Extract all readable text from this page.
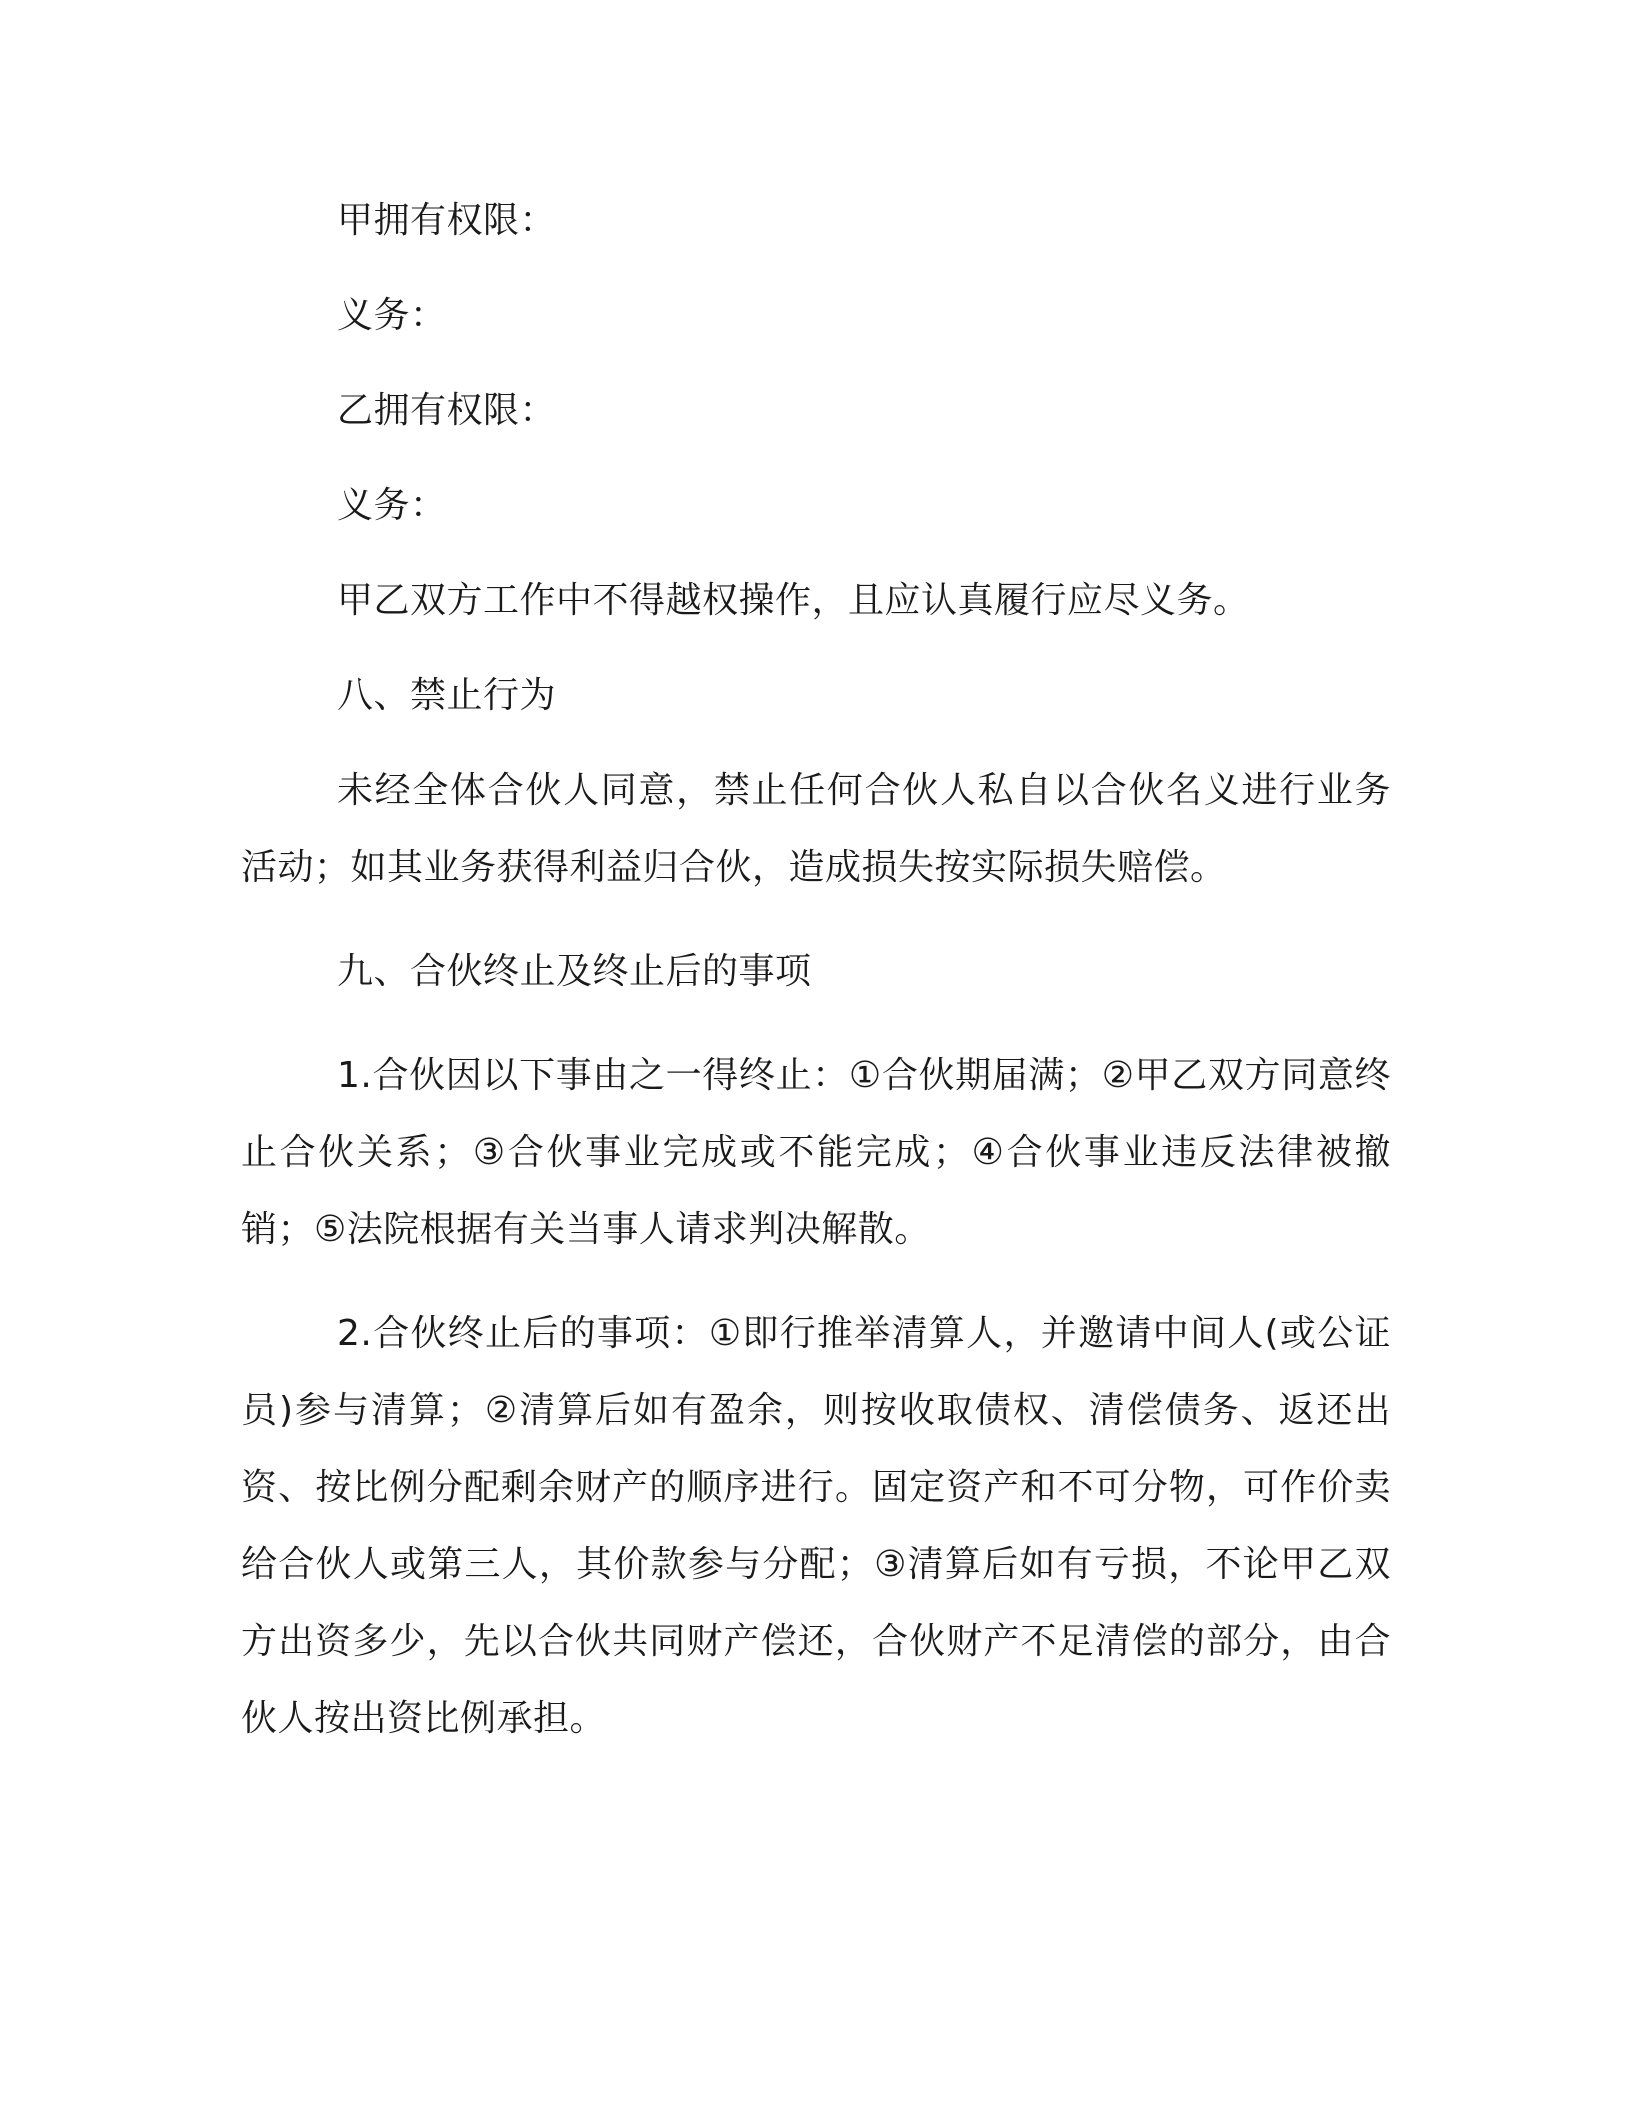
甲拥有权限：

义务：

乙拥有权限：

义务：

甲乙双方工作中不得越权操作，且应认真履行应尽义务。

八、禁止行为

未经全体合伙人同意，禁止任何合伙人私自以合伙名义进行业务活动；如其业务获得利益归合伙，造成损失按实际损失赔偿。

九、合伙终止及终止后的事项

1.合伙因以下事由之一得终止：①合伙期届满；②甲乙双方同意终止合伙关系；③合伙事业完成或不能完成；④合伙事业违反法律被撤销；⑤法院根据有关当事人请求判决解散。

2.合伙终止后的事项：①即行推举清算人，并邀请中间人(或公证员)参与清算；②清算后如有盈余，则按收取债权、清偿债务、返还出资、按比例分配剩余财产的顺序进行。固定资产和不可分物，可作价卖给合伙人或第三人，其价款参与分配；③清算后如有亏损，不论甲乙双方出资多少，先以合伙共同财产偿还，合伙财产不足清偿的部分，由合伙人按出资比例承担。
